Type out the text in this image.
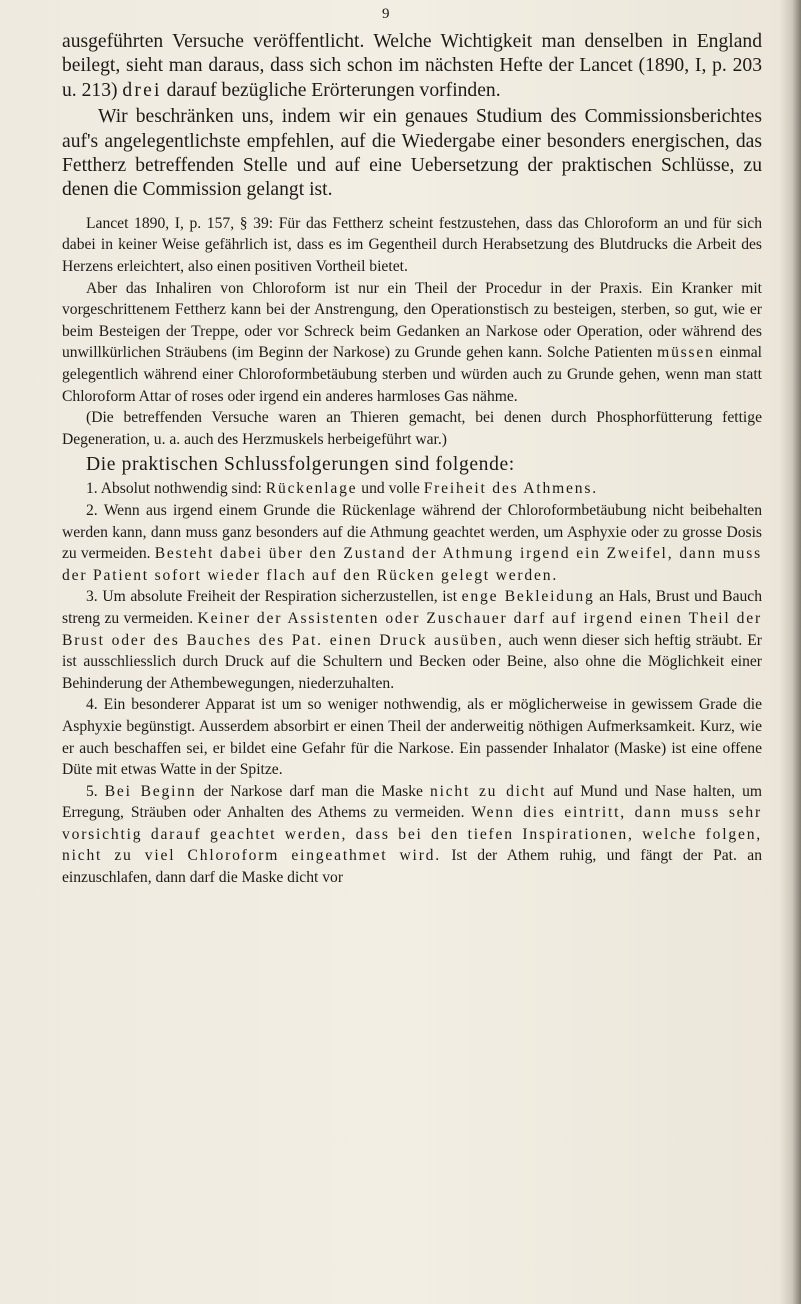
9

ausgeführten Versuche veröffentlicht. Welche Wichtigkeit man denselben in England beilegt, sieht man daraus, dass sich schon im nächsten Hefte der Lancet (1890, I, p. 203 u. 213) drei darauf bezügliche Erörterungen vorfinden.

Wir beschränken uns, indem wir ein genaues Studium des Commissionsberichtes auf's angelegentlichste empfehlen, auf die Wiedergabe einer besonders energischen, das Fettherz betreffenden Stelle und auf eine Uebersetzung der praktischen Schlüsse, zu denen die Commission gelangt ist.

Lancet 1890, I, p. 157, § 39: Für das Fettherz scheint festzustehen, dass das Chloroform an und für sich dabei in keiner Weise gefährlich ist, dass es im Gegentheil durch Herabsetzung des Blutdrucks die Arbeit des Herzens erleichtert, also einen positiven Vortheil bietet.

Aber das Inhaliren von Chloroform ist nur ein Theil der Procedur in der Praxis. Ein Kranker mit vorgeschrittenem Fettherz kann bei der Anstrengung, den Operationstisch zu besteigen, sterben, so gut, wie er beim Besteigen der Treppe, oder vor Schreck beim Gedanken an Narkose oder Operation, oder während des unwillkürlichen Sträubens (im Beginn der Narkose) zu Grunde gehen kann. Solche Patienten müssen einmal gelegentlich während einer Chloroformbetäubung sterben und würden auch zu Grunde gehen, wenn man statt Chloroform Attar of roses oder irgend ein anderes harmloses Gas nähme.

(Die betreffenden Versuche waren an Thieren gemacht, bei denen durch Phosphorfütterung fettige Degeneration, u. a. auch des Herzmuskels herbeigeführt war.)

Die praktischen Schlussfolgerungen sind folgende:

1. Absolut nothwendig sind: Rückenlage und volle Freiheit des Athmens.

2. Wenn aus irgend einem Grunde die Rückenlage während der Chloroformbetäubung nicht beibehalten werden kann, dann muss ganz besonders auf die Athmung geachtet werden, um Asphyxie oder zu grosse Dosis zu vermeiden. Besteht dabei über den Zustand der Athmung irgend ein Zweifel, dann muss der Patient sofort wieder flach auf den Rücken gelegt werden.

3. Um absolute Freiheit der Respiration sicherzustellen, ist enge Bekleidung an Hals, Brust und Bauch streng zu vermeiden. Keiner der Assistenten oder Zuschauer darf auf irgend einen Theil der Brust oder des Bauches des Pat. einen Druck ausüben, auch wenn dieser sich heftig sträubt. Er ist ausschliesslich durch Druck auf die Schultern und Becken oder Beine, also ohne die Möglichkeit einer Behinderung der Athembewegungen, niederzuhalten.

4. Ein besonderer Apparat ist um so weniger nothwendig, als er möglicherweise in gewissem Grade die Asphyxie begünstigt. Ausserdem absorbirt er einen Theil der anderweitig nöthigen Aufmerksamkeit. Kurz, wie er auch beschaffen sei, er bildet eine Gefahr für die Narkose. Ein passender Inhalator (Maske) ist eine offene Düte mit etwas Watte in der Spitze.

5. Bei Beginn der Narkose darf man die Maske nicht zu dicht auf Mund und Nase halten, um Erregung, Sträuben oder Anhalten des Athems zu vermeiden. Wenn dies eintritt, dann muss sehr vorsichtig darauf geachtet werden, dass bei den tiefen Inspirationen, welche folgen, nicht zu viel Chloroform eingeathmet wird. Ist der Athem ruhig, und fängt der Pat. an einzuschlafen, dann darf die Maske dicht vor
